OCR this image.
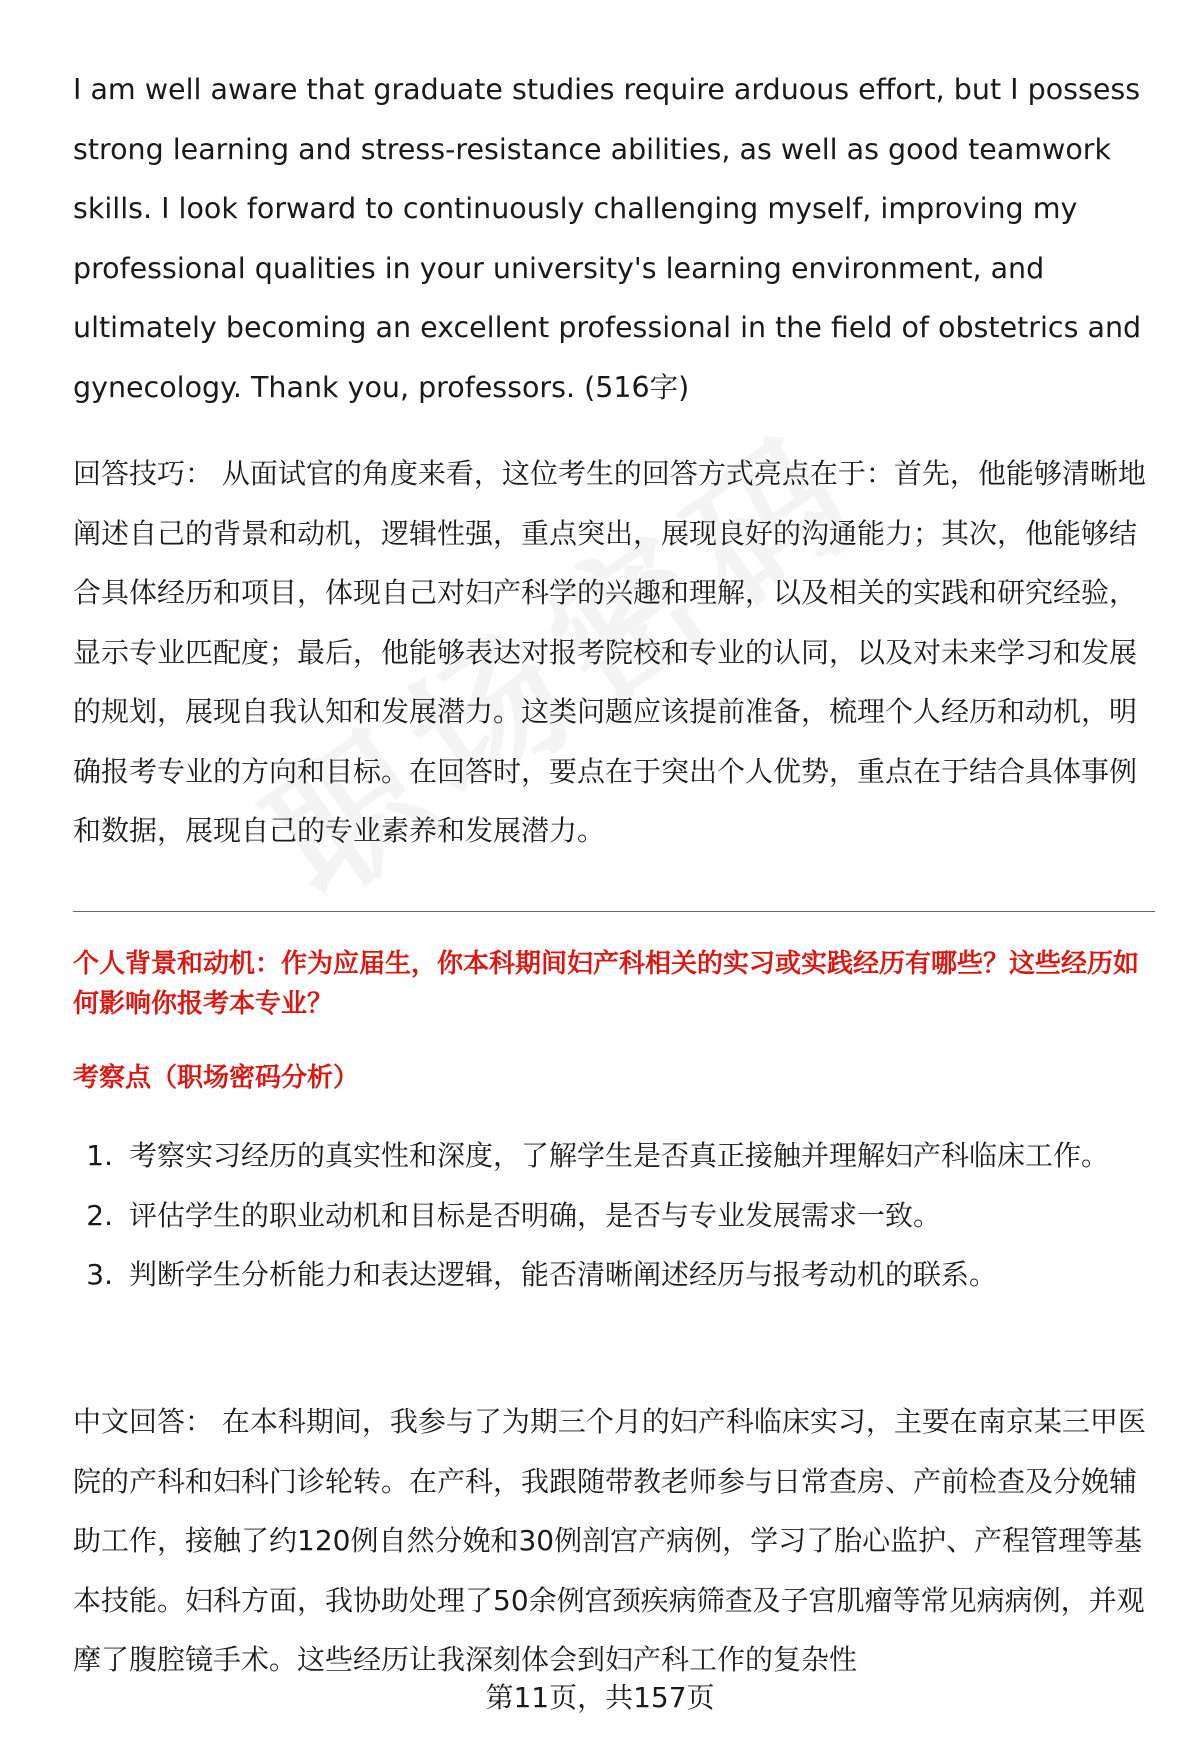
I am well aware that graduate studies require arduous effort, but I possess strong learning and stress-resistance abilities, as well as good teamwork skills. I look forward to continuously challenging myself, improving my professional qualities in your university's learning environment, and ultimately becoming an excellent professional in the field of obstetrics and gynecology. Thank you, professors. (516字)

回答技巧： 从面试官的角度来看，这位考生的回答方式亮点在于：首先，他能够清晰地阐述自己的背景和动机，逻辑性强，重点突出，展现良好的沟通能力；其次，他能够结合具体经历和项目，体现自己对妇产科学的兴趣和理解，以及相关的实践和研究经验，显示专业匹配度；最后，他能够表达对报考院校和专业的认同，以及对未来学习和发展的规划，展现自我认知和发展潜力。这类问题应该提前准备，梳理个人经历和动机，明确报考专业的方向和目标。在回答时，要点在于突出个人优势，重点在于结合具体事例和数据，展现自己的专业素养和发展潜力。

个人背景和动机：作为应届生，你本科期间妇产科相关的实习或实践经历有哪些？这些经历如何影响你报考本专业？

考察点（职场密码分析）

1. 考察实习经历的真实性和深度，了解学生是否真正接触并理解妇产科临床工作。
2. 评估学生的职业动机和目标是否明确，是否与专业发展需求一致。
3. 判断学生分析能力和表达逻辑，能否清晰阐述经历与报考动机的联系。

中文回答： 在本科期间，我参与了为期三个月的妇产科临床实习，主要在南京某三甲医院的产科和妇科门诊轮转。在产科，我跟随带教老师参与日常查房、产前检查及分娩辅助工作，接触了约120例自然分娩和30例剖宫产病例，学习了胎心监护、产程管理等基本技能。妇科方面，我协助处理了50余例宫颈疾病筛查及子宫肌瘤等常见病病例，并观摩了腹腔镜手术。这些经历让我深刻体会到妇产科工作的复杂性

第11页，共157页
